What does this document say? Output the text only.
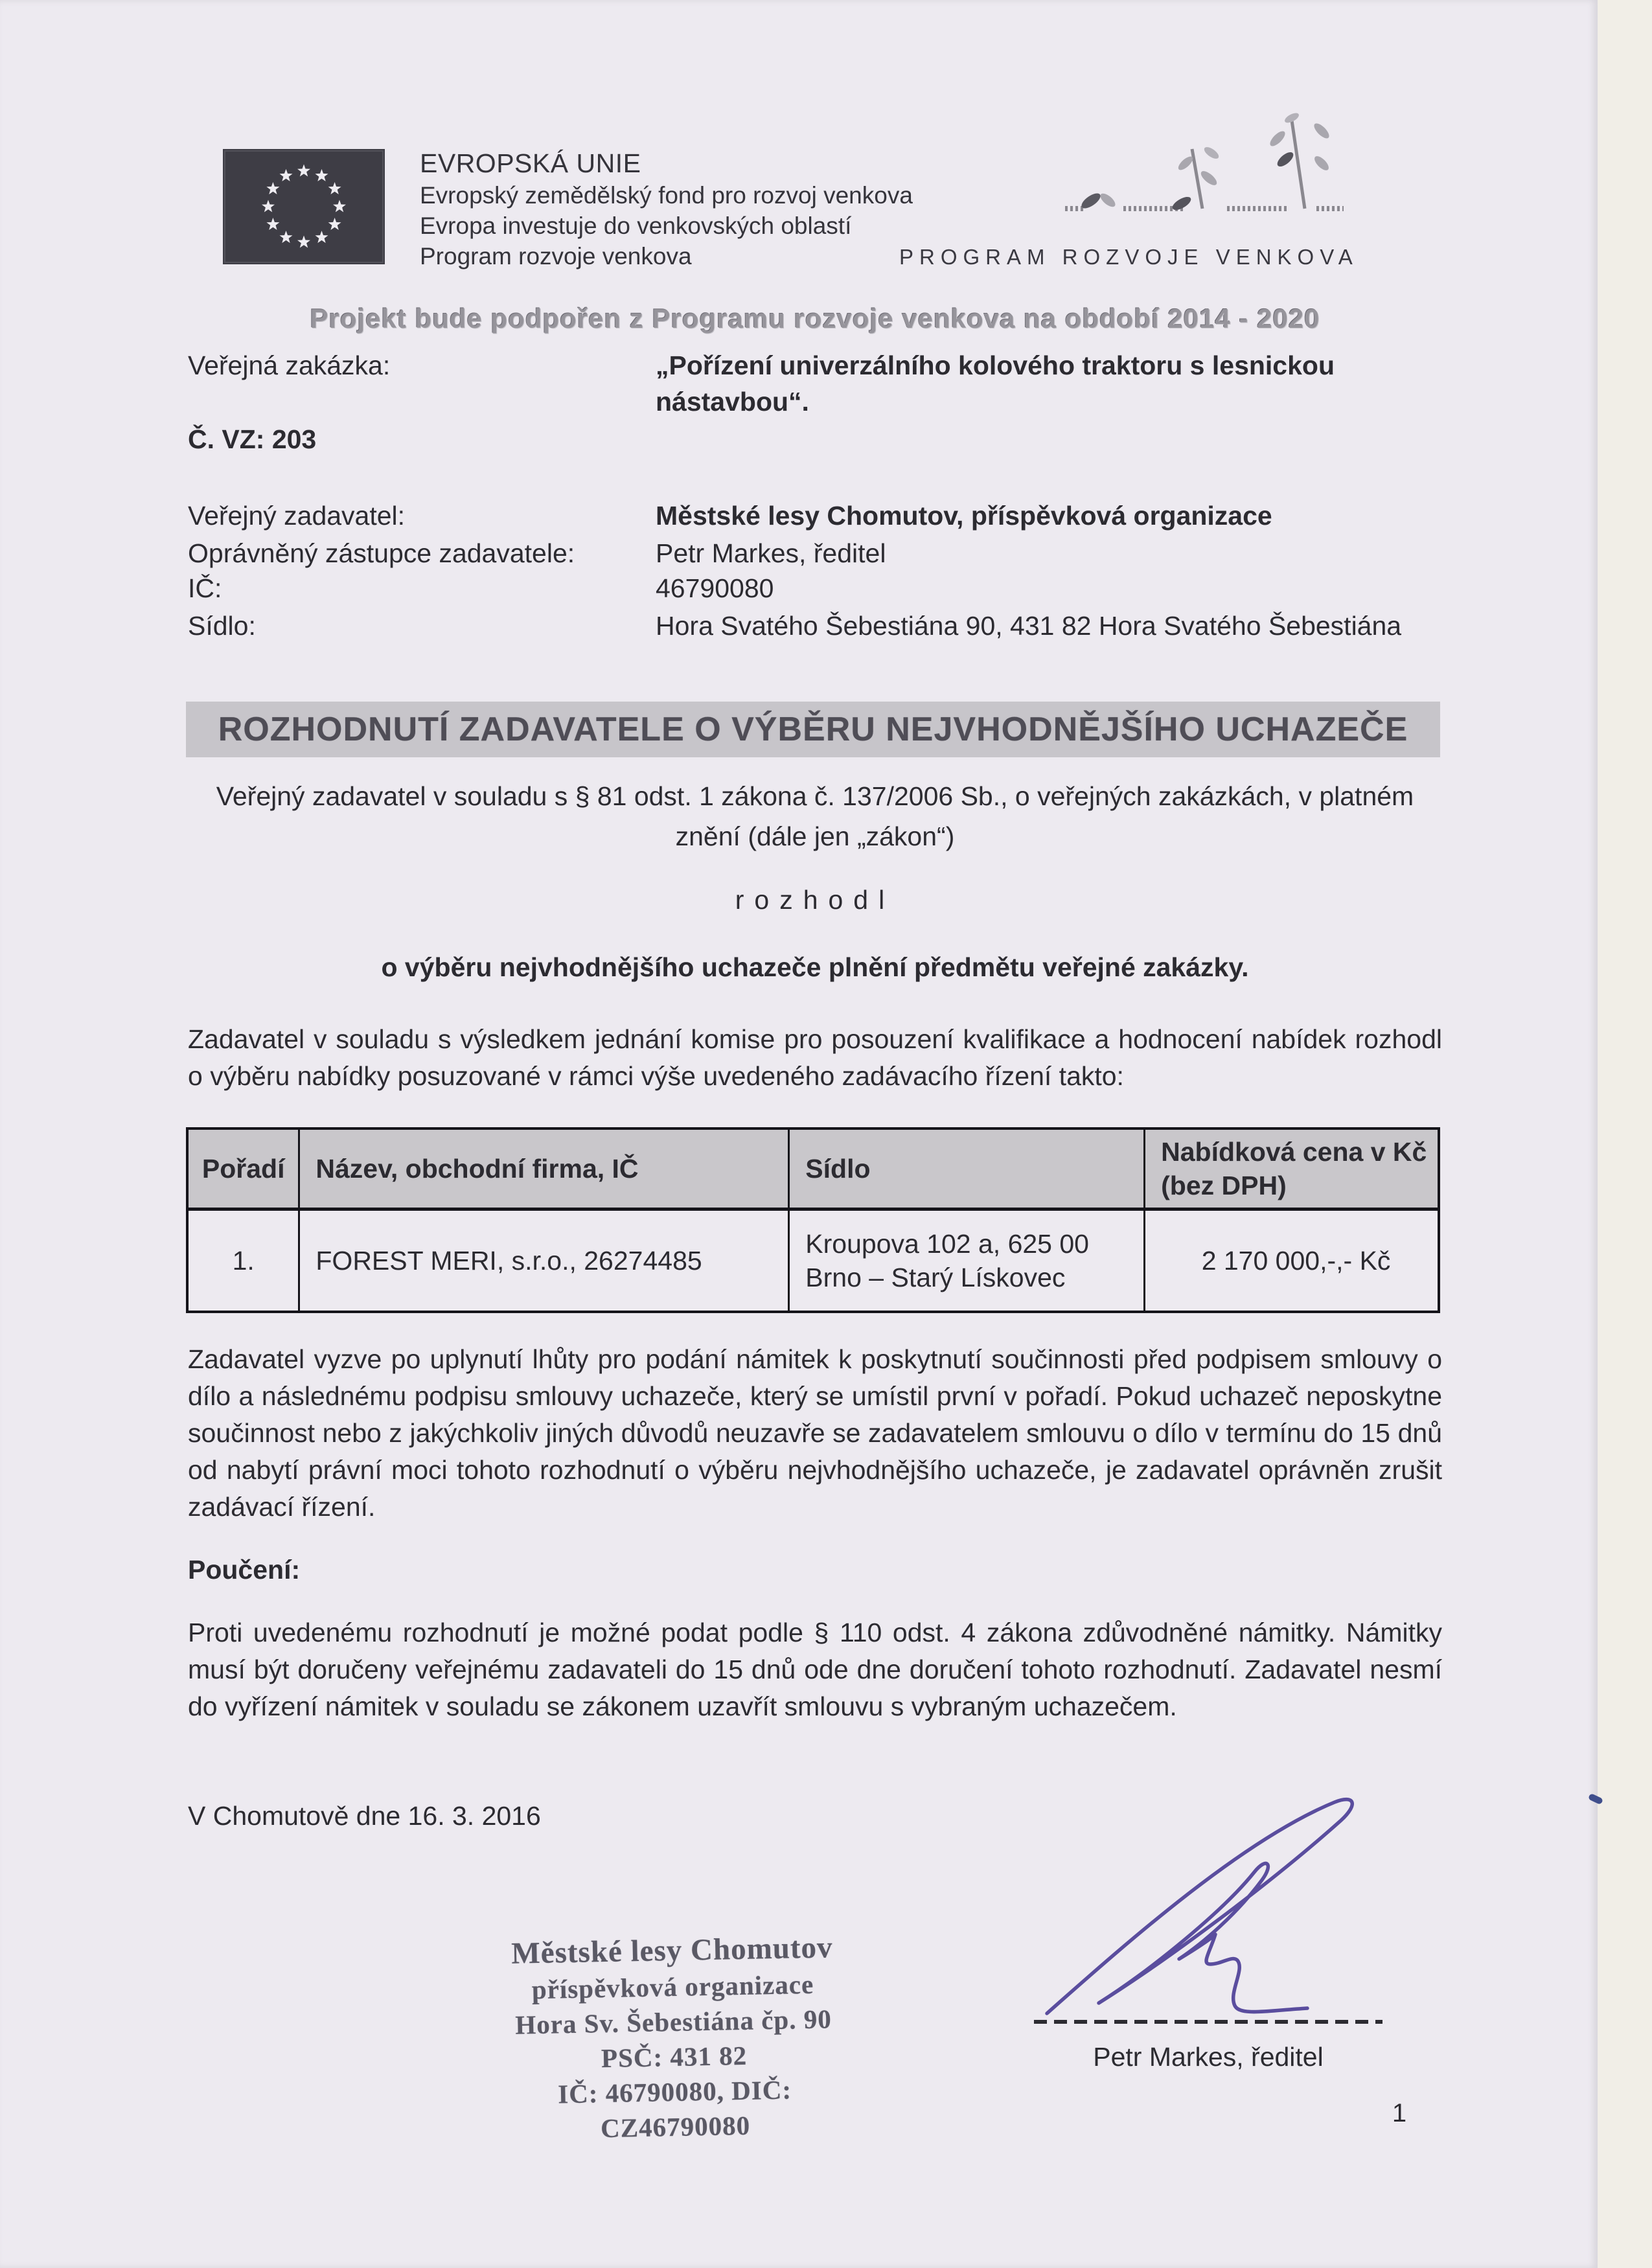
EVROPSKÁ UNIE
Evropský zemědělský fond pro rozvoj venkova
Evropa investuje do venkovských oblastí
Program rozvoje venkova	PROGRAM ROZVOJE VENKOVA
Projekt bude podpořen z Programu rozvoje venkova na období 2014 - 2020
Veřejná zakázka:	„Pořízení univerzálního kolového traktoru s lesnickou nástavbou“.
Č. VZ: 203
Veřejný zadavatel:	Městské lesy Chomutov, příspěvková organizace
Oprávněný zástupce zadavatele:	Petr Markes, ředitel
IČ:	46790080
Sídlo:	Hora Svatého Šebestiána 90, 431 82 Hora Svatého Šebestiána
ROZHODNUTÍ ZADAVATELE O VÝBĚRU NEJVHODNĚJŠÍHO UCHAZEČE

Veřejný zadavatel v souladu s § 81 odst. 1 zákona č. 137/2006 Sb., o veřejných zakázkách, v platném znění (dále jen „zákon“)

rozhodl
o výběru nejvhodnějšího uchazeče plnění předmětu veřejné zakázky.

Zadavatel v souladu s výsledkem jednání komise pro posouzení kvalifikace a hodnocení nabídek rozhodl o výběru nabídky posuzované v rámci výše uvedeného zadávacího řízení takto:

Pořadí	Název, obchodní firma, IČ	Sídlo	Nabídková cena v Kč (bez DPH)
1.	FOREST MERI, s.r.o., 26274485	Kroupova 102 a, 625 00 Brno – Starý Lískovec	2 170 000,-,- Kč

Zadavatel vyzve po uplynutí lhůty pro podání námitek k poskytnutí součinnosti před podpisem smlouvy o dílo a následnému podpisu smlouvy uchazeče, který se umístil první v pořadí. Pokud uchazeč neposkytne součinnost nebo z jakýchkoliv jiných důvodů neuzavře se zadavatelem smlouvu o dílo v termínu do 15 dnů od nabytí právní moci tohoto rozhodnutí o výběru nejvhodnějšího uchazeče, je zadavatel oprávněn zrušit zadávací řízení.

Poučení:

Proti uvedenému rozhodnutí je možné podat podle § 110 odst. 4 zákona zdůvodněné námitky. Námitky musí být doručeny veřejnému zadavateli do 15 dnů ode dne doručení tohoto rozhodnutí. Zadavatel nesmí do vyřízení námitek v souladu se zákonem uzavřít smlouvu s vybraným uchazečem.

V Chomutově dne 16. 3. 2016
Městské lesy Chomutov
příspěvková organizace
Hora Sv. Šebestiána čp. 90
PSČ: 431 82
IČ: 46790080, DIČ: CZ46790080
Petr Markes, ředitel
1
